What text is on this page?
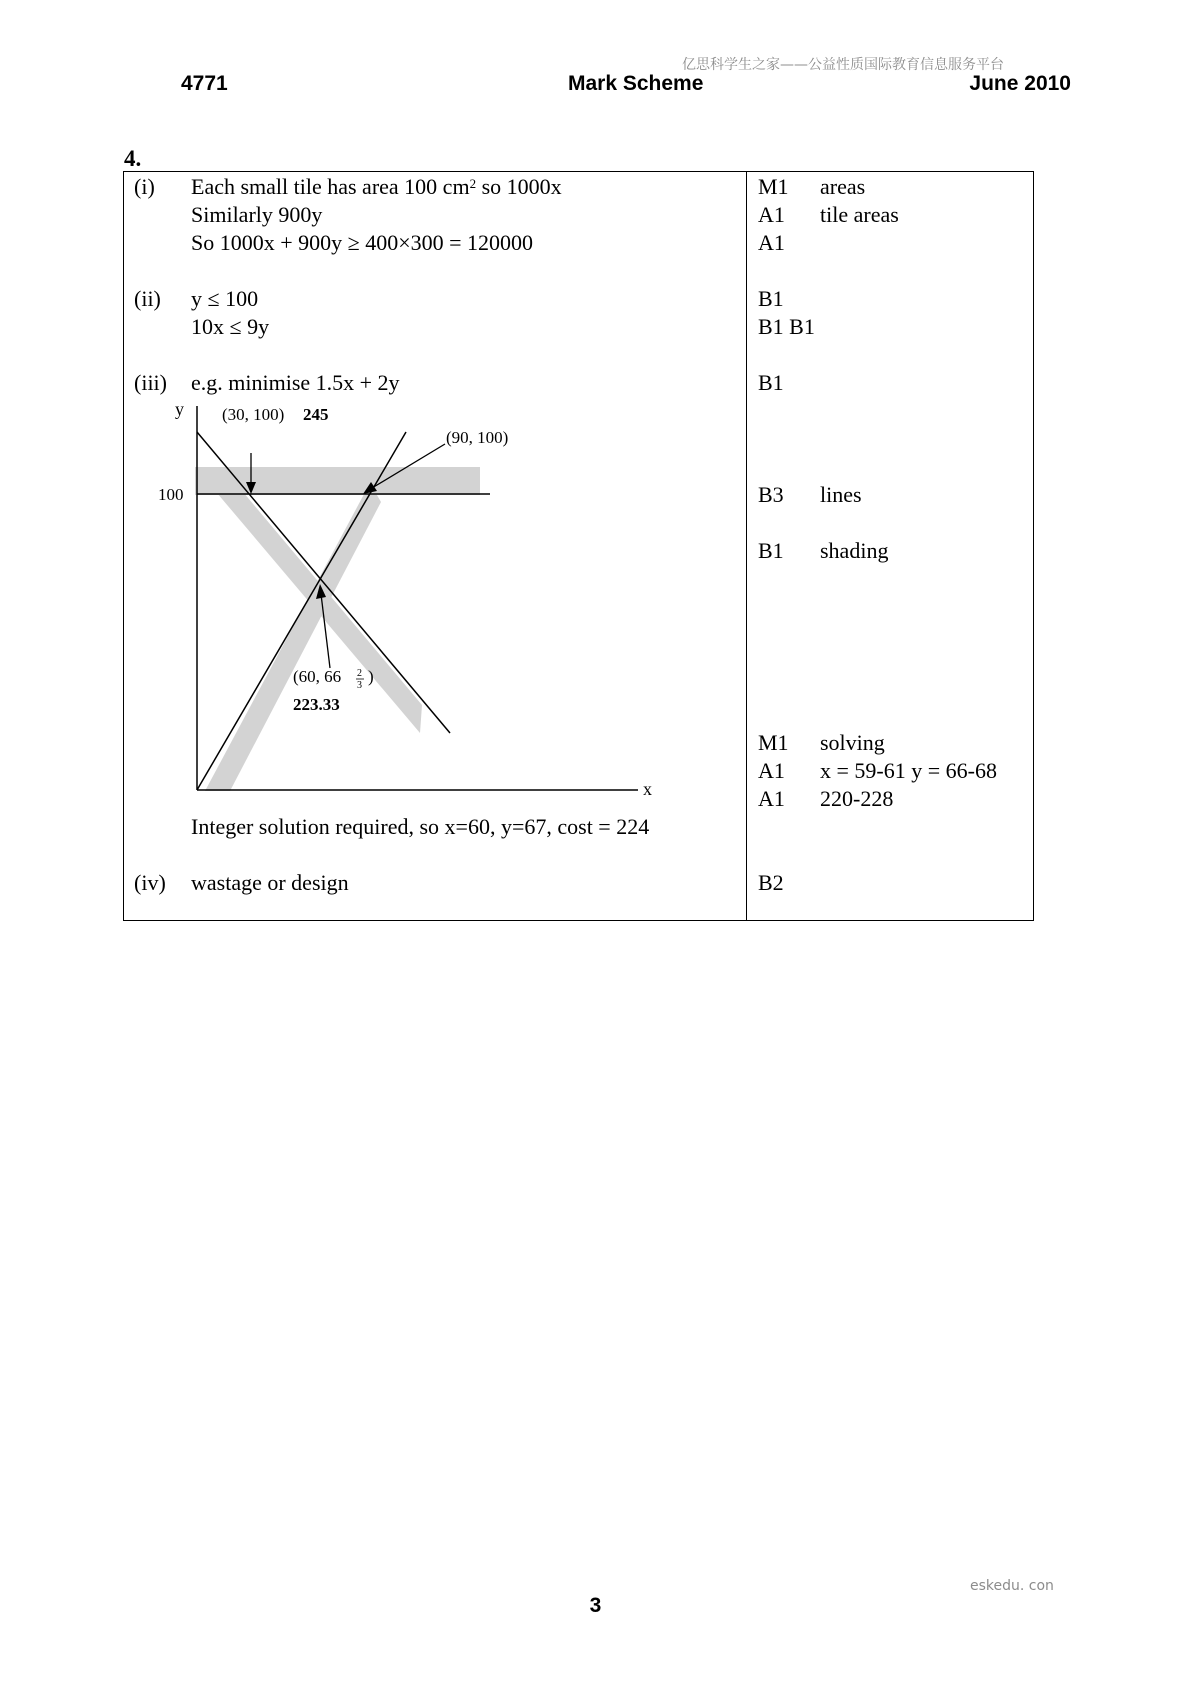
亿思科学生之家——公益性质国际教育信息服务平台
4771	Mark Scheme	June 2010
4.
(i) Each small tile has area 100 $cm^2$ so 1000x
Similarly 900y
So 1000x + 900y ≥ 400×300 = 120000
(ii) y ≤ 100
10x ≤ 9y
(iii) e.g. minimise 1.5x + 2y
y
x
100
(30, 100) 245
(90, 100)
(60, 66 2
3 )
223.33
Integer solution required, so x=60, y=67, cost = 224
(iv) wastage or design
M1 areas
A1 tile areas
A1
B1
B1 B1
B1
B3 lines
B1 shading
M1 solving
A1 x = 59-61 y = 66-68
A1 220-228
B2
eskedu. con
3
